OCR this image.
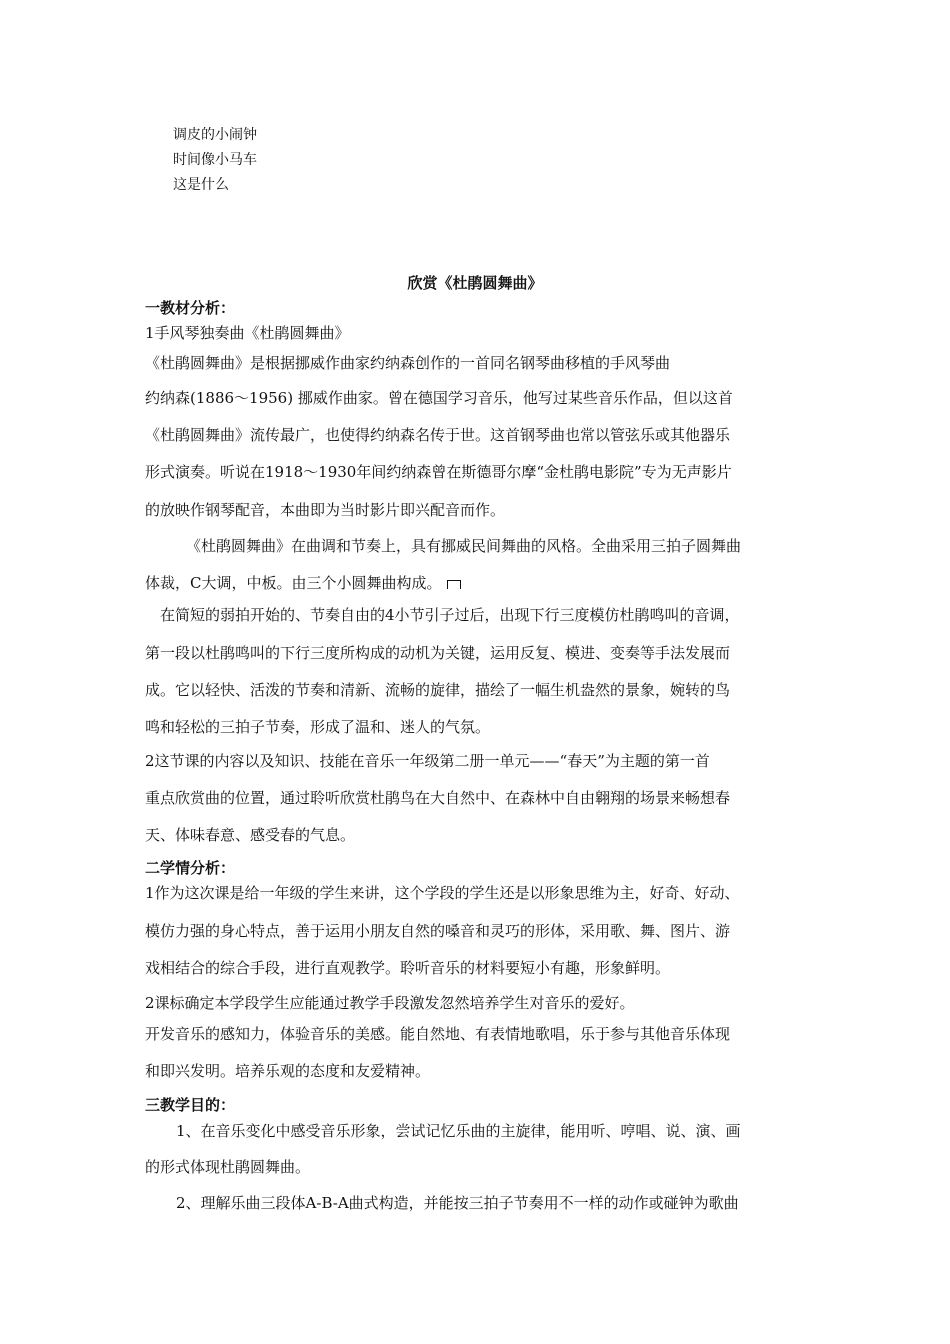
调皮的小闹钟
时间像小马车
这是什么
欣赏《杜鹃圆舞曲》
一教材分析：
1手风琴独奏曲《杜鹃圆舞曲》
《杜鹃圆舞曲》是根据挪威作曲家约纳森创作的一首同名钢琴曲移植的手风琴曲
约纳森(1886～1956) 挪威作曲家。曾在德国学习音乐，他写过某些音乐作品，但以这首
《杜鹃圆舞曲》流传最广，也使得约纳森名传于世。这首钢琴曲也常以管弦乐或其他器乐
形式演奏。听说在1918～1930年间约纳森曾在斯德哥尔摩“金杜鹃电影院”专为无声影片
的放映作钢琴配音，本曲即为当时影片即兴配音而作。
《杜鹃圆舞曲》在曲调和节奏上，具有挪威民间舞曲的风格。全曲采用三拍子圆舞曲
体裁，C大调，中板。由三个小圆舞曲构成。
在简短的弱拍开始的、节奏自由的4小节引子过后，出现下行三度模仿杜鹃鸣叫的音调，
第一段以杜鹃鸣叫的下行三度所构成的动机为关键，运用反复、模进、变奏等手法发展而
成。它以轻快、活泼的节奏和清新、流畅的旋律，描绘了一幅生机盎然的景象，婉转的鸟
鸣和轻松的三拍子节奏，形成了温和、迷人的气氛。
2这节课的内容以及知识、技能在音乐一年级第二册一单元——“春天”为主题的第一首
重点欣赏曲的位置，通过聆听欣赏杜鹃鸟在大自然中、在森林中自由翱翔的场景来畅想春
天、体味春意、感受春的气息。
二学情分析：
1作为这次课是给一年级的学生来讲，这个学段的学生还是以形象思维为主，好奇、好动、
模仿力强的身心特点，善于运用小朋友自然的嗓音和灵巧的形体，采用歌、舞、图片、游
戏相结合的综合手段，进行直观教学。聆听音乐的材料要短小有趣，形象鲜明。
2课标确定本学段学生应能通过教学手段激发忽然培养学生对音乐的爱好。
开发音乐的感知力，体验音乐的美感。能自然地、有表情地歌唱，乐于参与其他音乐体现
和即兴发明。培养乐观的态度和友爱精神。
三教学目的：
1、在音乐变化中感受音乐形象，尝试记忆乐曲的主旋律，能用听、哼唱、说、演、画
的形式体现杜鹃圆舞曲。
2、理解乐曲三段体A-B-A曲式构造，并能按三拍子节奏用不一样的动作或碰钟为歌曲
